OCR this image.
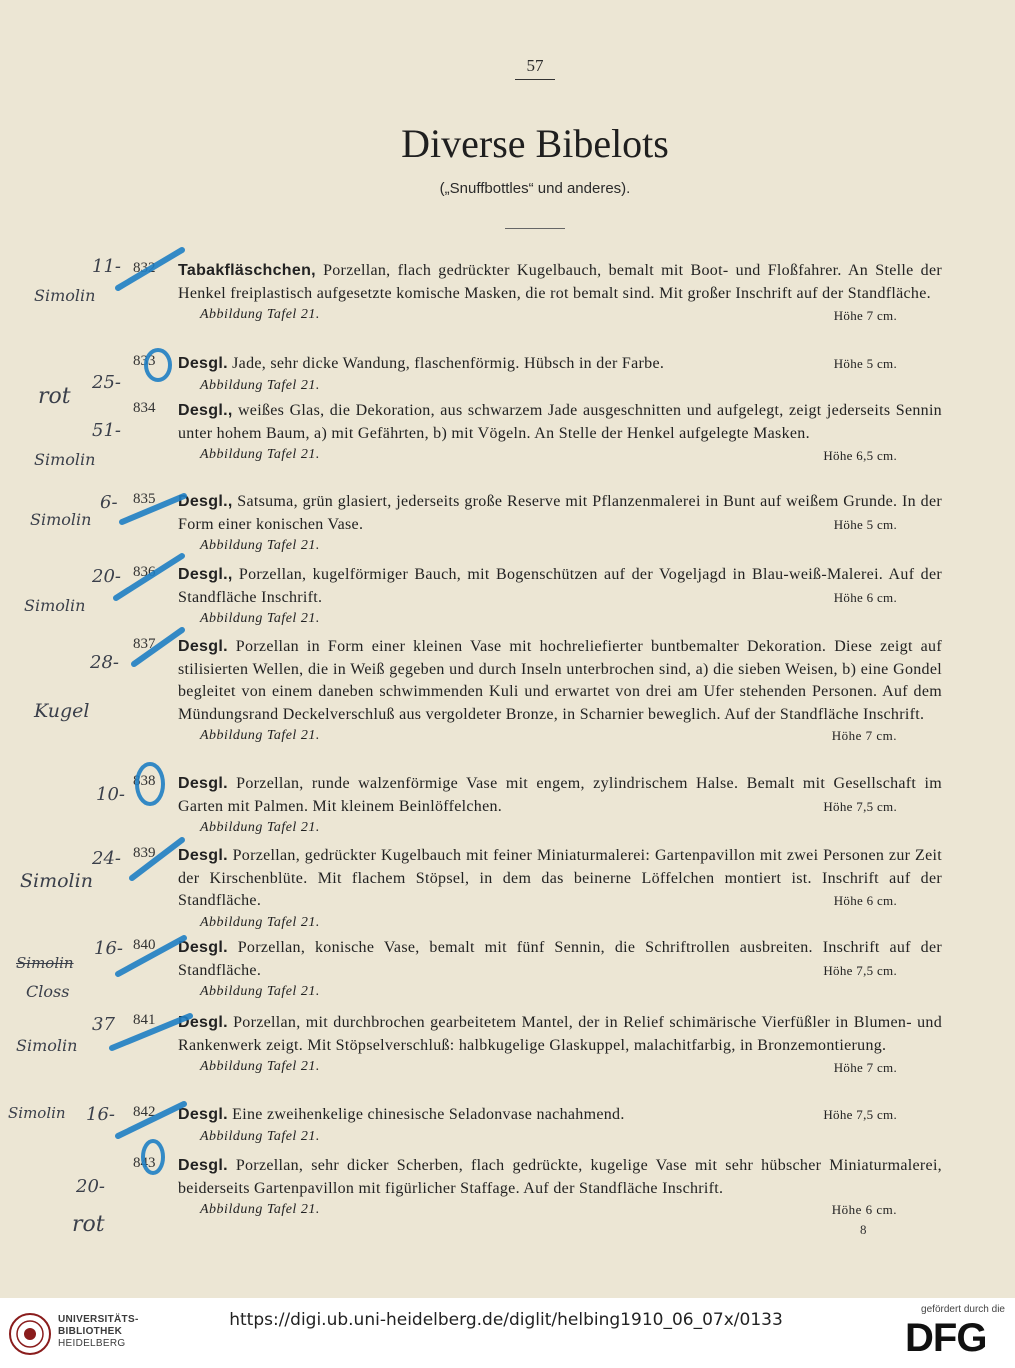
57
Diverse Bibelots
(„Snuffbottles“ und anderes).
832 Tabakfläschchen, Porzellan, flach gedrückter Kugelbauch, bemalt mit Boot- und Floßfahrer. An Stelle der Henkel freiplastisch aufgesetzte komische Masken, die rot bemalt sind. Mit großer Inschrift auf der Standfläche.
Höhe 7 cm.
Abbildung Tafel 21.
833 Desgl. Jade, sehr dicke Wandung, flaschenförmig. Hübsch in der Farbe.	Höhe 5 cm.
Abbildung Tafel 21.
834 Desgl., weißes Glas, die Dekoration, aus schwarzem Jade ausgeschnitten und aufgelegt, zeigt jederseits Sennin unter hohem Baum, a) mit Gefährten, b) mit Vögeln. An Stelle der Henkel aufgelegte Masken.
Höhe 6,5 cm.
Abbildung Tafel 21.
835 Desgl., Satsuma, grün glasiert, jederseits große Reserve mit Pflanzenmalerei in Bunt auf weißem Grunde. In der Form einer konischen Vase.	Höhe 5 cm.
Abbildung Tafel 21.
836 Desgl., Porzellan, kugelförmiger Bauch, mit Bogenschützen auf der Vogeljagd in Blau-weiß-Malerei. Auf der Standfläche Inschrift.	Höhe 6 cm.
Abbildung Tafel 21.
837 Desgl. Porzellan in Form einer kleinen Vase mit hochreliefierter buntbemalter Dekoration. Diese zeigt auf stilisierten Wellen, die in Weiß gegeben und durch Inseln unterbrochen sind, a) die sieben Weisen, b) eine Gondel begleitet von einem daneben schwimmenden Kuli und erwartet von drei am Ufer stehenden Personen. Auf dem Mündungsrand Deckelverschluß aus vergoldeter Bronze, in Scharnier beweglich. Auf der Standfläche Inschrift.
Abbildung Tafel 21.	Höhe 7 cm.
838 Desgl. Porzellan, runde walzenförmige Vase mit engem, zylindrischem Halse. Bemalt mit Gesellschaft im Garten mit Palmen. Mit kleinem Beinlöffelchen.	Höhe 7,5 cm.
Abbildung Tafel 21.
839 Desgl. Porzellan, gedrückter Kugelbauch mit feiner Miniaturmalerei: Gartenpavillon mit zwei Personen zur Zeit der Kirschenblüte. Mit flachem Stöpsel, in dem das beinerne Löffelchen montiert ist. Inschrift auf der Standfläche.	Höhe 6 cm.
Abbildung Tafel 21.
840 Desgl. Porzellan, konische Vase, bemalt mit fünf Sennin, die Schriftrollen ausbreiten. Inschrift auf der Standfläche.	Höhe 7,5 cm.
Abbildung Tafel 21.
841 Desgl. Porzellan, mit durchbrochen gearbeitetem Mantel, der in Relief schimärische Vierfüßler in Blumen- und Rankenwerk zeigt. Mit Stöpselverschluß: halbkugelige Glaskuppel, malachitfarbig, in Bronzemontierung.
Höhe 7 cm.
Abbildung Tafel 21.
842 Desgl. Eine zweihenkelige chinesische Seladonvase nachahmend.	Höhe 7,5 cm.
Abbildung Tafel 21.
843 Desgl. Porzellan, sehr dicker Scherben, flach gedrückte, kugelige Vase mit sehr hübscher Miniaturmalerei, beiderseits Gartenpavillon mit figürlicher Staffage. Auf der Standfläche Inschrift.
Abbildung Tafel 21.	Höhe 6 cm.
8
11-
Simolin
25-
rot
51-
Simolin
6-
Simolin
20-
Simolin
28-
Kugel
10-
24-
Simolin
16-
Simolin
Closs
37
Simolin
Simolin 16-
20-
rot
UNIVERSITÄTS-
BIBLIOTHEK
HEIDELBERG
https://digi.ub.uni-heidelberg.de/diglit/helbing1910_06_07x/0133
gefördert durch die
DFG
